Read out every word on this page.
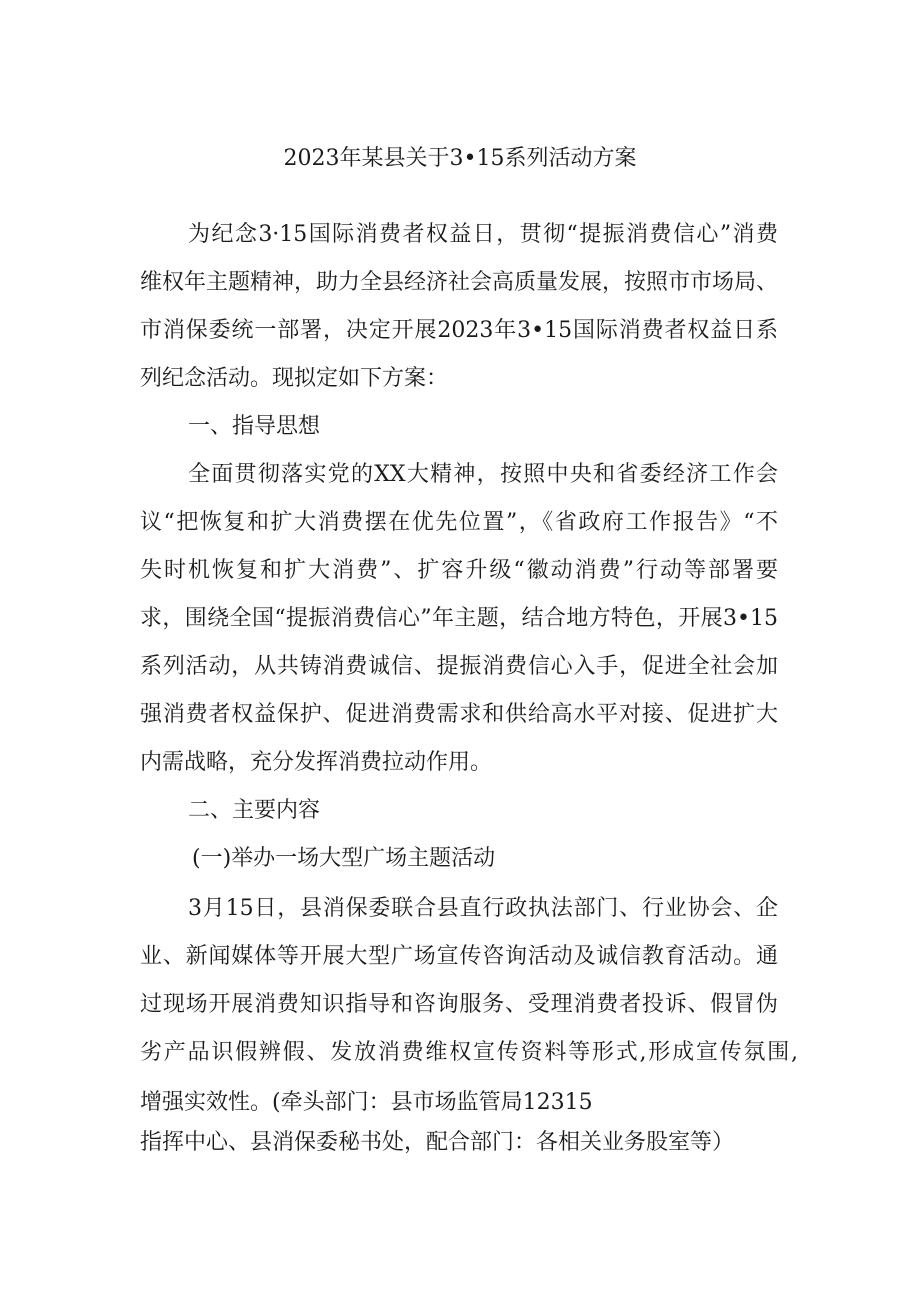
2023年某县关于3•15系列活动方案
为纪念3·15国际消费者权益日，贯彻“提振消费信心”消费
维权年主题精神，助力全县经济社会高质量发展，按照市市场局、
市消保委统一部署，决定开展2023年3•15国际消费者权益日系
列纪念活动。现拟定如下方案：
一、指导思想
全面贯彻落实党的XX大精神，按照中央和省委经济工作会
议“把恢复和扩大消费摆在优先位置”，《省政府工作报告》“不
失时机恢复和扩大消费”、扩容升级“徽动消费”行动等部署要
求，围绕全国“提振消费信心”年主题，结合地方特色，开展3•15
系列活动，从共铸消费诚信、提振消费信心入手，促进全社会加
强消费者权益保护、促进消费需求和供给高水平对接、促进扩大
内需战略，充分发挥消费拉动作用。
二、主要内容
(一)举办一场大型广场主题活动
3月15日，县消保委联合县直行政执法部门、行业协会、企
业、新闻媒体等开展大型广场宣传咨询活动及诚信教育活动。通
过现场开展消费知识指导和咨询服务、受理消费者投诉、假冒伪
劣产品识假辨假、发放消费维权宣传资料等形式,形成宣传氛围,
增强实效性。(牵头部门：县市场监管局12315
指挥中心、县消保委秘书处，配合部门：各相关业务股室等）
